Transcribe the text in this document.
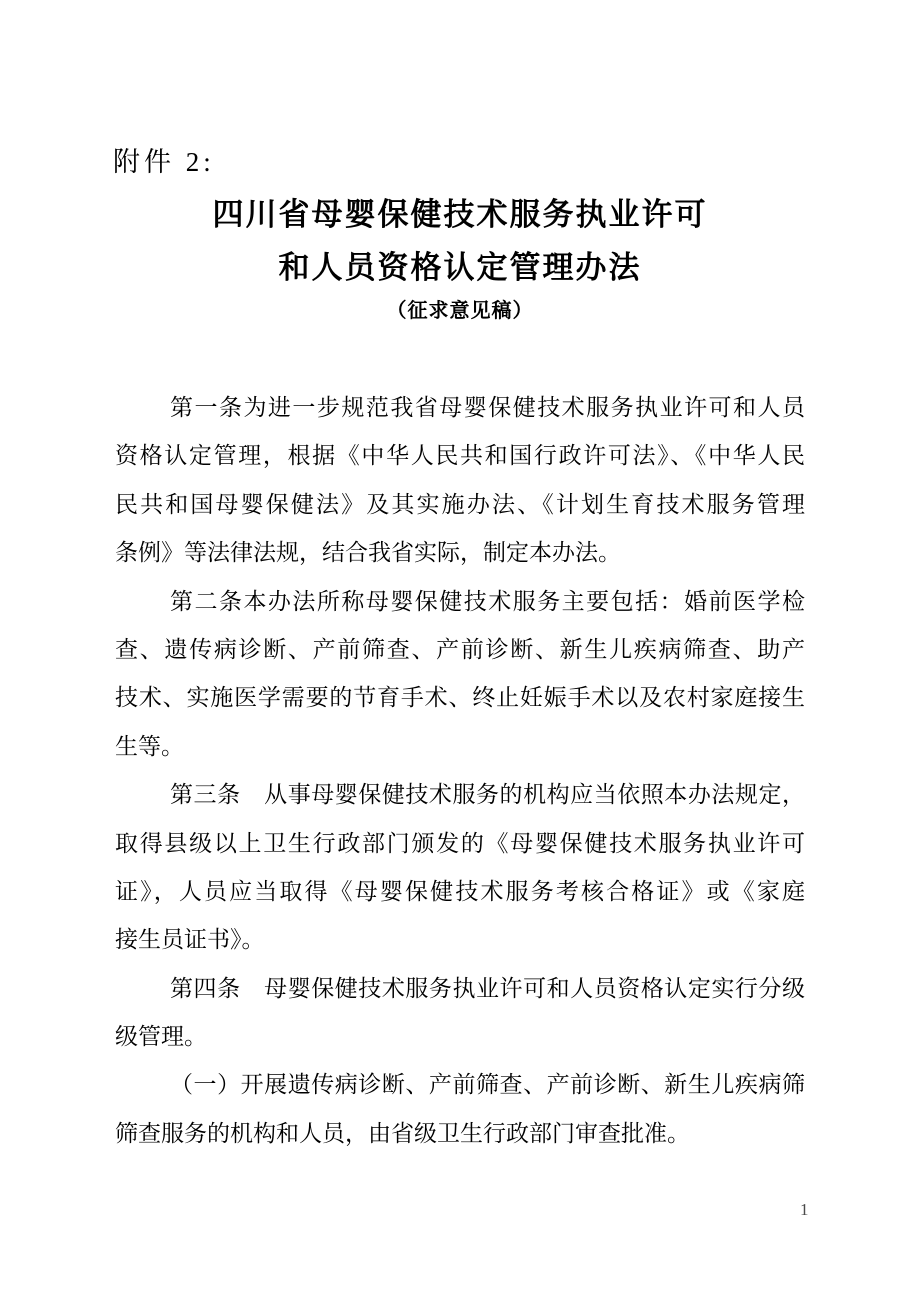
附件 2:
四川省母婴保健技术服务执业许可
和人员资格认定管理办法
（征求意见稿）
第一条为进一步规范我省母婴保健技术服务执业许可和人员
资格认定管理，根据《中华人民共和国行政许可法》、《中华人民
民共和国母婴保健法》及其实施办法、《计划生育技术服务管理
条例》等法律法规，结合我省实际，制定本办法。
第二条本办法所称母婴保健技术服务主要包括：婚前医学检
查、遗传病诊断、产前筛查、产前诊断、新生儿疾病筛查、助产
技术、实施医学需要的节育手术、终止妊娠手术以及农村家庭接生
生等。
第三条　从事母婴保健技术服务的机构应当依照本办法规定，
取得县级以上卫生行政部门颁发的《母婴保健技术服务执业许可
证》，人员应当取得《母婴保健技术服务考核合格证》或《家庭
接生员证书》。
第四条　母婴保健技术服务执业许可和人员资格认定实行分级
级管理。
（一）开展遗传病诊断、产前筛查、产前诊断、新生儿疾病筛
筛查服务的机构和人员，由省级卫生行政部门审查批准。
1
